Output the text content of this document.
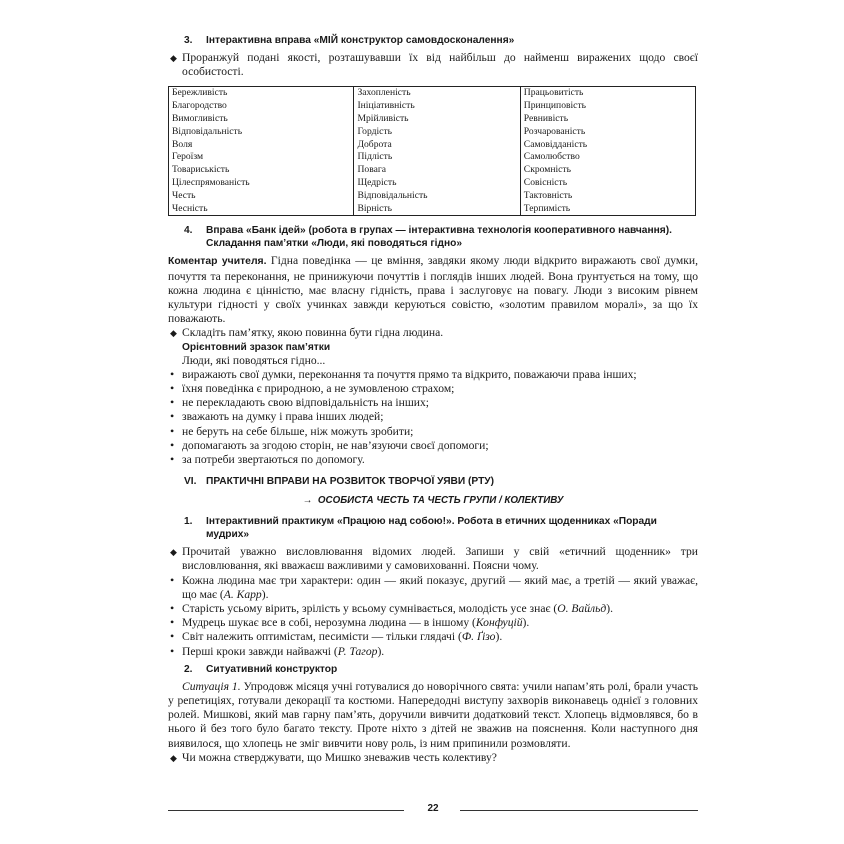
3. Інтерактивна вправа «МІЙ конструктор самовдосконалення»

◆ Проранжуй подані якості, розташувавши їх від найбільш до найменш виражених щодо своєї особистості.

Бережливість	Захопленість	Працьовитість
Благородство	Ініціативність	Принциповість
Вимогливість	Мрійливість	Ревнивість
Відповідальність	Гордість	Розчарованість
Воля	Доброта	Самовідданість
Героїзм	Підлість	Самолюбство
Товариськість	Повага	Скромність
Цілеспрямованість	Щедрість	Совісність
Честь	Відповідальність	Тактовність
Чесність	Вірність	Терпимість

4. Вправа «Банк ідей» (робота в групах — інтерактивна технологія кооперативного навчання).

Складання пам’ятки «Люди, які поводяться гідно»

Коментар учителя. Гідна поведінка — це вміння, завдяки якому люди відкрито виражають свої думки, почуття та переконання, не принижуючи почуттів і поглядів інших людей. Вона ґрунтується на тому, що кожна людина є цінністю, має власну гідність, права і заслуговує на повагу. Люди з високим рівнем культури гідності у своїх учинках завжди керуються совістю, «золотим правилом моралі», за що їх поважають.

◆ Складіть пам’ятку, якою повинна бути гідна людина.

Орієнтовний зразок пам’ятки

Люди, які поводяться гідно...

• виражають свої думки, переконання та почуття прямо та відкрито, поважаючи права інших;

• їхня поведінка є природною, а не зумовленою страхом;

• не перекладають свою відповідальність на інших;

• зважають на думку і права інших людей;

• не беруть на себе більше, ніж можуть зробити;

• допомагають за згодою сторін, не нав’язуючи своєї допомоги;

• за потреби звертаються по допомогу.

VI. ПРАКТИЧНІ ВПРАВИ НА РОЗВИТОК ТВОРЧОЇ УЯВИ (РТУ)

→ ОСОБИСТА ЧЕСТЬ ТА ЧЕСТЬ ГРУПИ / КОЛЕКТИВУ

1. Інтерактивний практикум «Працюю над собою!». Робота в етичних щоденниках «Поради мудрих»

◆ Прочитай уважно висловлювання відомих людей. Запиши у свій «етичний щоденник» три висловлювання, які вважаєш важливими у самовихованні. Поясни чому.

• Кожна людина має три характери: один — який показує, другий — який має, а третій — який уважає, що має (А. Карр).

• Старість усьому вірить, зрілість у всьому сумнівається, молодість усе знає (О. Вайльд).

• Мудрець шукає все в собі, нерозумна людина — в іншому (Конфуцій).

• Світ належить оптимістам, песимісти — тільки глядачі (Ф. Ґізо).

• Перші кроки завжди найважчі (Р. Тагор).

2. Ситуативний конструктор

Ситуація 1. Упродовж місяця учні готувалися до новорічного свята: учили напам’ять ролі, брали участь у репетиціях, готували декорації та костюми. Напередодні виступу захворів виконавець однієї з головних ролей. Мишкові, який мав гарну пам’ять, доручили вивчити додатковий текст. Хлопець відмовлявся, бо в нього й без того було багато тексту. Проте ніхто з дітей не зважив на пояснення. Коли наступного дня виявилося, що хлопець не зміг вивчити нову роль, із ним припинили розмовляти.

◆ Чи можна стверджувати, що Мишко зневажив честь колективу?

22
